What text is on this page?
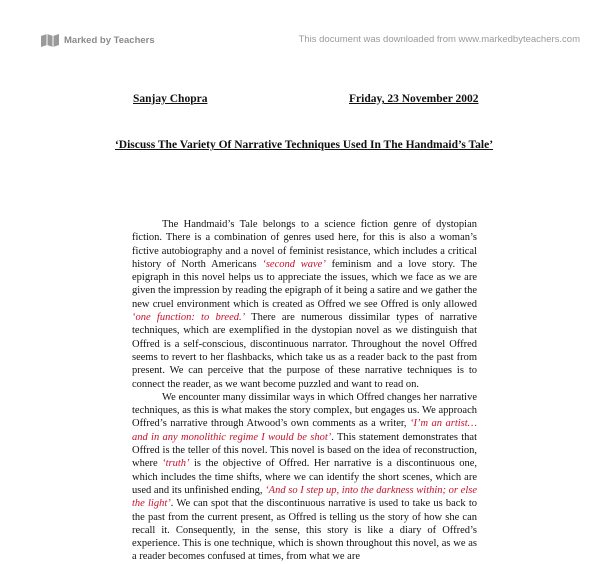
Marked by Teachers	This document was downloaded from www.markedbyteachers.com
Sanjay Chopra	Friday, 23 November 2002
‘Discuss The Variety Of Narrative Techniques Used In The Handmaid’s Tale’

The Handmaid’s Tale belongs to a science fiction genre of dystopian fiction. There is a combination of genres used here, for this is also a woman’s fictive autobiography and a novel of feminist resistance, which includes a critical history of North Americans ‘second wave’ feminism and a love story. The epigraph in this novel helps us to appreciate the issues, which we face as we are given the impression by reading the epigraph of it being a satire and we gather the new cruel environment which is created as Offred we see Offred is only allowed ‘one function: to breed.’ There are numerous dissimilar types of narrative techniques, which are exemplified in the dystopian novel as we distinguish that Offred is a self-conscious, discontinuous narrator. Throughout the novel Offred seems to revert to her flashbacks, which take us as a reader back to the past from present. We can perceive that the purpose of these narrative techniques is to connect the reader, as we want become puzzled and want to read on.

We encounter many dissimilar ways in which Offred changes her narrative techniques, as this is what makes the story complex, but engages us. We approach Offred’s narrative through Atwood’s own comments as a writer, ‘I’m an artist…and in any monolithic regime I would be shot’. This statement demonstrates that Offred is the teller of this novel. This novel is based on the idea of reconstruction, where ‘truth’ is the objective of Offred. Her narrative is a discontinuous one, which includes the time shifts, where we can identify the short scenes, which are used and its unfinished ending, ‘And so I step up, into the darkness within; or else the light’. We can spot that the discontinuous narrative is used to take us back to the past from the current present, as Offred is telling us the story of how she can recall it. Consequently, in the sense, this story is like a diary of Offred’s experience. This is one technique, which is shown throughout this novel, as we as a reader becomes confused at times, from what we are
